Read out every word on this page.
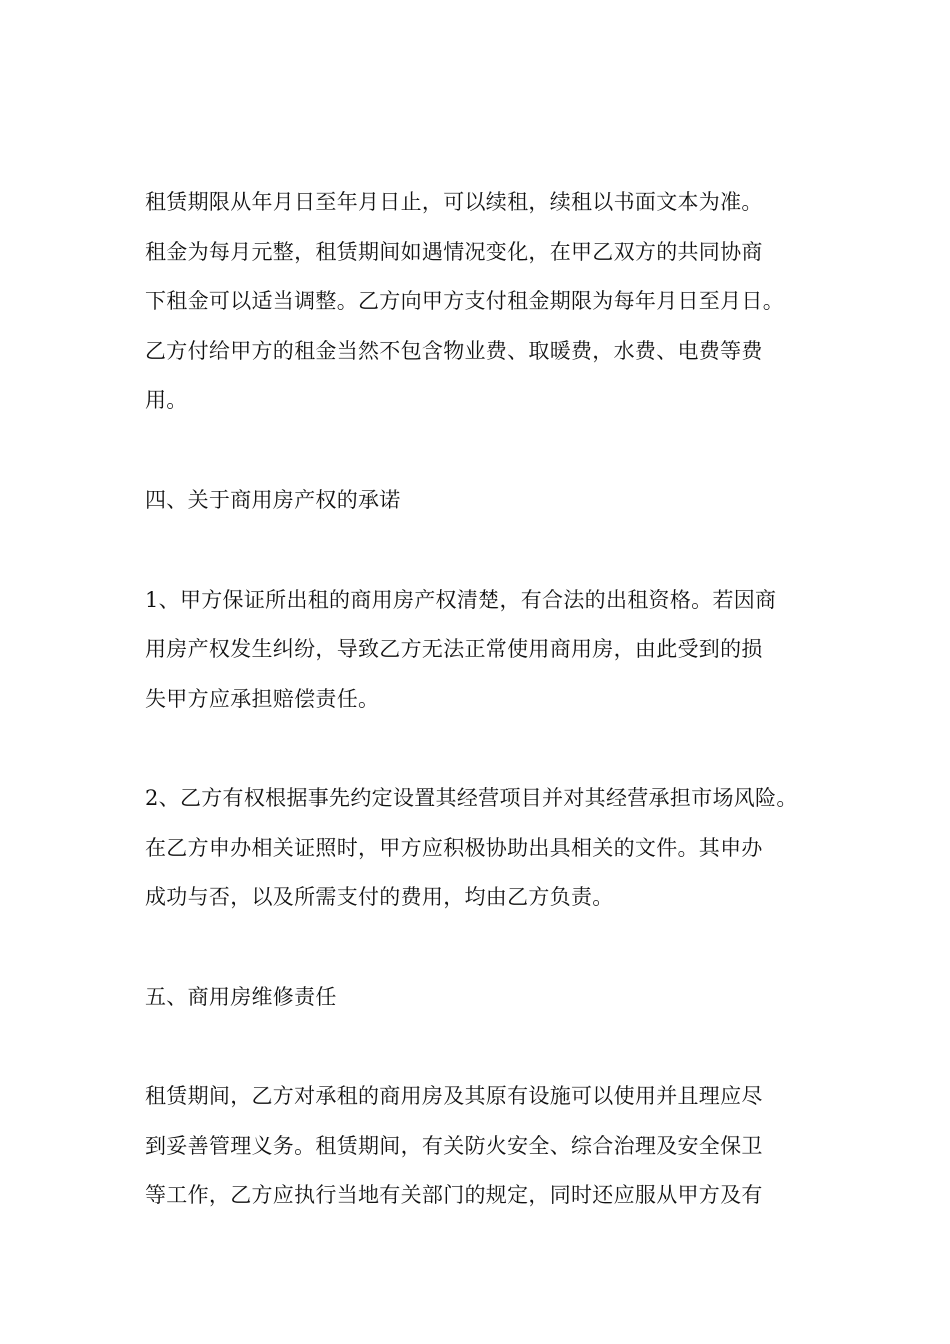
租赁期限从年月日至年月日止，可以续租，续租以书面文本为准。
租金为每月元整，租赁期间如遇情况变化，在甲乙双方的共同协商
下租金可以适当调整。乙方向甲方支付租金期限为每年月日至月日。
乙方付给甲方的租金当然不包含物业费、取暖费，水费、电费等费
用。
四、关于商用房产权的承诺
1、甲方保证所出租的商用房产权清楚，有合法的出租资格。若因商
用房产权发生纠纷，导致乙方无法正常使用商用房，由此受到的损
失甲方应承担赔偿责任。
2、乙方有权根据事先约定设置其经营项目并对其经营承担市场风险。
在乙方申办相关证照时，甲方应积极协助出具相关的文件。其申办
成功与否，以及所需支付的费用，均由乙方负责。
五、商用房维修责任
租赁期间，乙方对承租的商用房及其原有设施可以使用并且理应尽
到妥善管理义务。租赁期间，有关防火安全、综合治理及安全保卫
等工作，乙方应执行当地有关部门的规定，同时还应服从甲方及有
